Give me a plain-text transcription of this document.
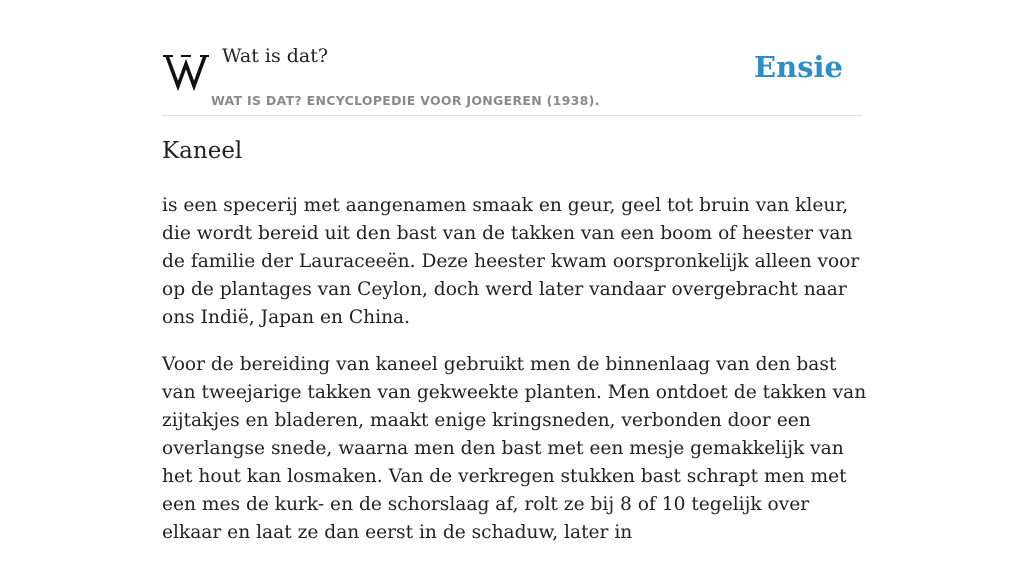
Wat is dat?
WAT IS DAT? ENCYCLOPEDIE VOOR JONGEREN (1938).
Ensie
Kaneel

is een specerij met aangenamen smaak en geur, geel tot bruin van kleur, die wordt bereid uit den bast van de takken van een boom of heester van de familie der Lauraceeën. Deze heester kwam oorspronkelijk alleen voor op de plantages van Ceylon, doch werd later vandaar overgebracht naar ons Indië, Japan en China.

Voor de bereiding van kaneel gebruikt men de binnenlaag van den bast van tweejarige takken van gekweekte planten. Men ontdoet de takken van zijtakjes en bladeren, maakt enige kringsneden, verbonden door een overlangse snede, waarna men den bast met een mesje gemakkelijk van het hout kan losmaken. Van de verkregen stukken bast schrapt men met een mes de kurk- en de schorslaag af, rolt ze bij 8 of 10 tegelijk over elkaar en laat ze dan eerst in de schaduw, later in
